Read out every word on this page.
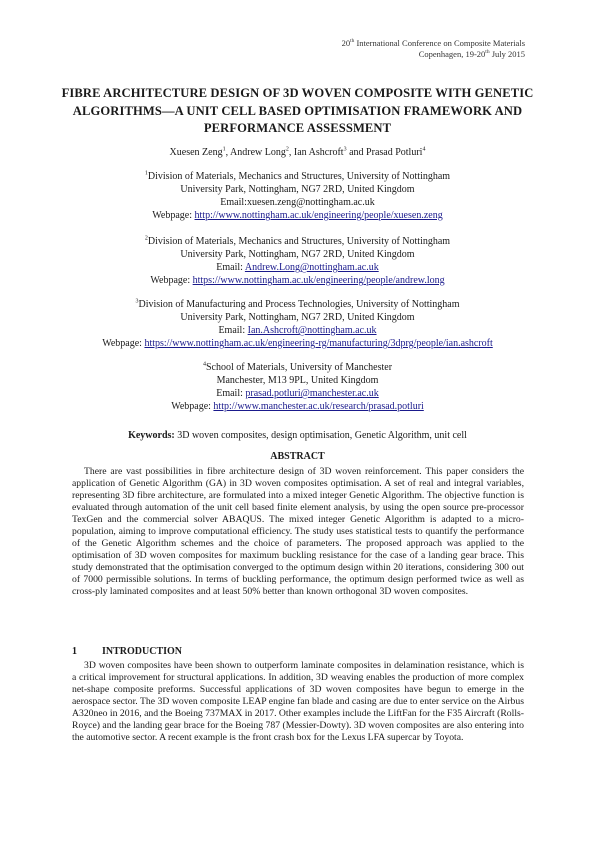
20th International Conference on Composite Materials
Copenhagen, 19-20th July 2015
FIBRE ARCHITECTURE DESIGN OF 3D WOVEN COMPOSITE WITH GENETIC ALGORITHMS—A UNIT CELL BASED OPTIMISATION FRAMEWORK AND PERFORMANCE ASSESSMENT
Xuesen Zeng$^1$, Andrew Long$^2$, Ian Ashcroft$^3$ and Prasad Potluri$^4$
$^1$Division of Materials, Mechanics and Structures, University of Nottingham
University Park, Nottingham, NG7 2RD, United Kingdom
Email:xuesen.zeng@nottingham.ac.uk
Webpage: http://www.nottingham.ac.uk/engineering/people/xuesen.zeng
$^2$Division of Materials, Mechanics and Structures, University of Nottingham
University Park, Nottingham, NG7 2RD, United Kingdom
Email: Andrew.Long@nottingham.ac.uk
Webpage: https://www.nottingham.ac.uk/engineering/people/andrew.long
$^3$Division of Manufacturing and Process Technologies, University of Nottingham
University Park, Nottingham, NG7 2RD, United Kingdom
Email: Ian.Ashcroft@nottingham.ac.uk
Webpage: https://www.nottingham.ac.uk/engineering-rg/manufacturing/3dprg/people/ian.ashcroft
$^4$School of Materials, University of Manchester
Manchester, M13 9PL, United Kingdom
Email: prasad.potluri@manchester.ac.uk
Webpage: http://www.manchester.ac.uk/research/prasad.potluri
Keywords: 3D woven composites, design optimisation, Genetic Algorithm, unit cell
ABSTRACT

There are vast possibilities in fibre architecture design of 3D woven reinforcement. This paper considers the application of Genetic Algorithm (GA) in 3D woven composites optimisation. A set of real and integral variables, representing 3D fibre architecture, are formulated into a mixed integer Genetic Algorithm. The objective function is evaluated through automation of the unit cell based finite element analysis, by using the open source pre-processor TexGen and the commercial solver ABAQUS. The mixed integer Genetic Algorithm is adapted to a micro-population, aiming to improve computational efficiency. The study uses statistical tests to quantify the performance of the Genetic Algorithm schemes and the choice of parameters. The proposed approach was applied to the optimisation of 3D woven composites for maximum buckling resistance for the case of a landing gear brace. This study demonstrated that the optimisation converged to the optimum design within 20 iterations, considering 300 out of 7000 permissible solutions. In terms of buckling performance, the optimum design performed twice as well as cross-ply laminated composites and at least 50% better than known orthogonal 3D woven composites.

1	INTRODUCTION

3D woven composites have been shown to outperform laminate composites in delamination resistance, which is a critical improvement for structural applications. In addition, 3D weaving enables the production of more complex net-shape composite preforms. Successful applications of 3D woven composites have begun to emerge in the aerospace sector. The 3D woven composite LEAP engine fan blade and casing are due to enter service on the Airbus A320neo in 2016, and the Boeing 737MAX in 2017. Other examples include the LiftFan for the F35 Aircraft (Rolls-Royce) and the landing gear brace for the Boeing 787 (Messier-Dowty). 3D woven composites are also entering into the automotive sector. A recent example is the front crash box for the Lexus LFA supercar by Toyota.
